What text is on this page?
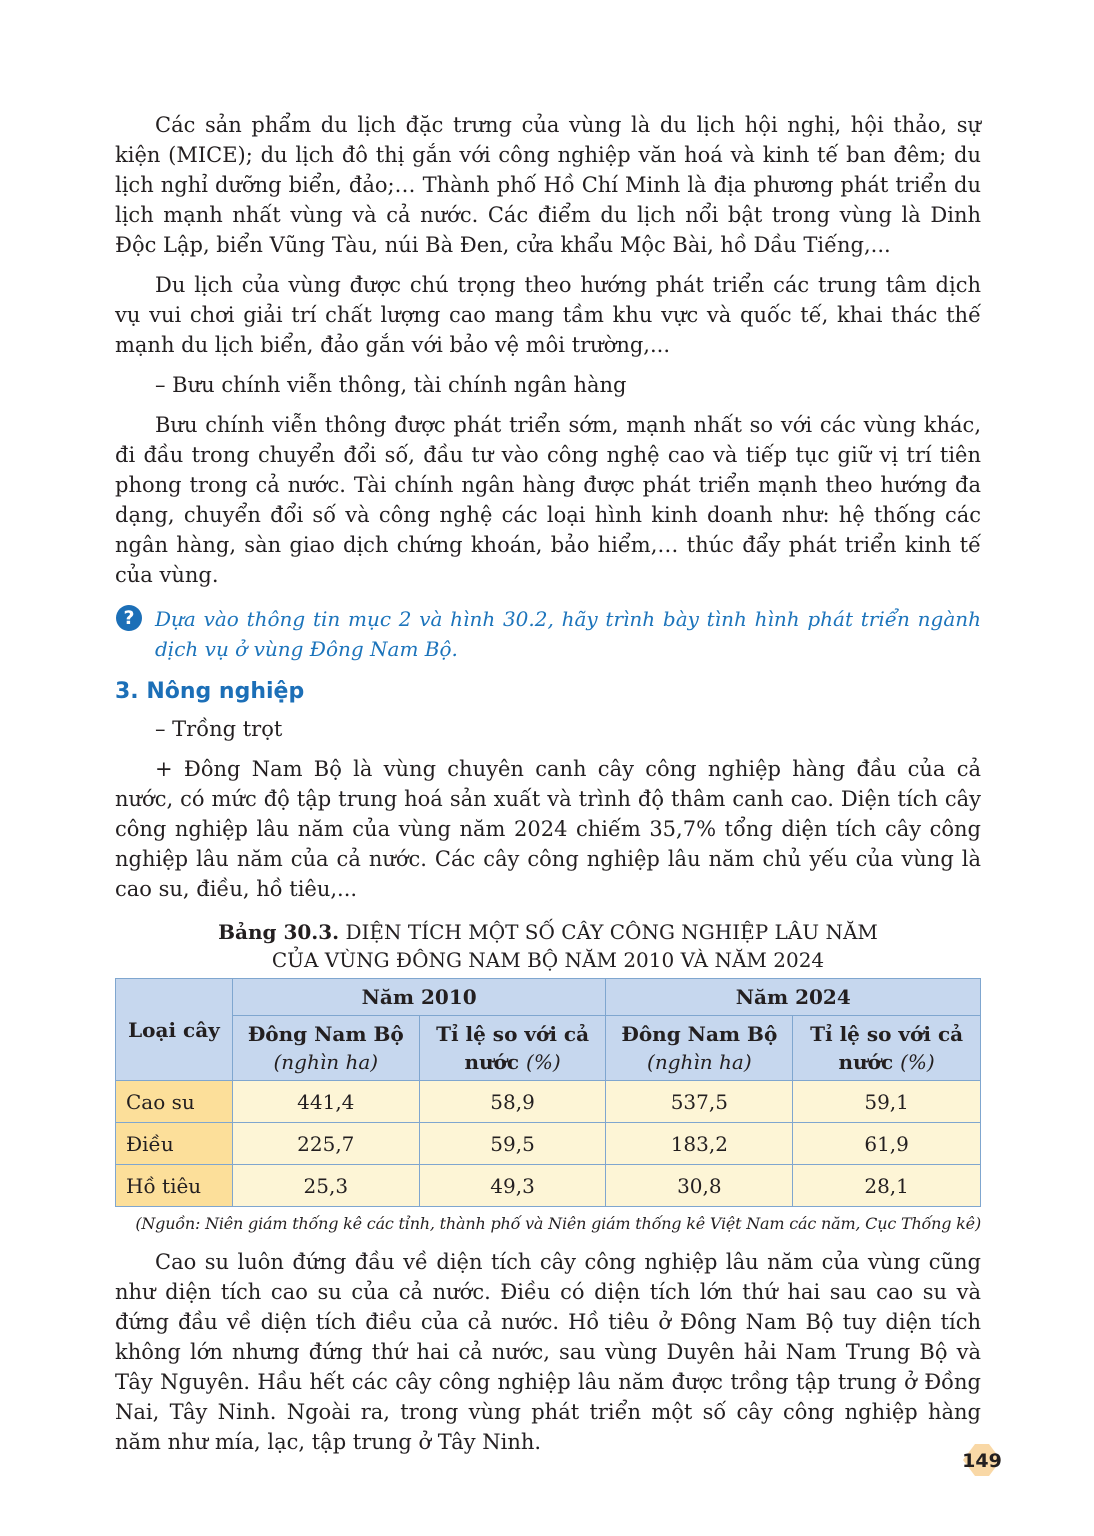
Các sản phẩm du lịch đặc trưng của vùng là du lịch hội nghị, hội thảo, sự kiện (MICE); du lịch đô thị gắn với công nghiệp văn hoá và kinh tế ban đêm; du lịch nghỉ dưỡng biển, đảo;… Thành phố Hồ Chí Minh là địa phương phát triển du lịch mạnh nhất vùng và cả nước. Các điểm du lịch nổi bật trong vùng là Dinh Độc Lập, biển Vũng Tàu, núi Bà Đen, cửa khẩu Mộc Bài, hồ Dầu Tiếng,...

Du lịch của vùng được chú trọng theo hướng phát triển các trung tâm dịch vụ vui chơi giải trí chất lượng cao mang tầm khu vực và quốc tế, khai thác thế mạnh du lịch biển, đảo gắn với bảo vệ môi trường,...

– Bưu chính viễn thông, tài chính ngân hàng

Bưu chính viễn thông được phát triển sớm, mạnh nhất so với các vùng khác, đi đầu trong chuyển đổi số, đầu tư vào công nghệ cao và tiếp tục giữ vị trí tiên phong trong cả nước. Tài chính ngân hàng được phát triển mạnh theo hướng đa dạng, chuyển đổi số và công nghệ các loại hình kinh doanh như: hệ thống các ngân hàng, sàn giao dịch chứng khoán, bảo hiểm,… thúc đẩy phát triển kinh tế của vùng.

? Dựa vào thông tin mục 2 và hình 30.2, hãy trình bày tình hình phát triển ngành dịch vụ ở vùng Đông Nam Bộ.

3. Nông nghiệp

– Trồng trọt

+ Đông Nam Bộ là vùng chuyên canh cây công nghiệp hàng đầu của cả nước, có mức độ tập trung hoá sản xuất và trình độ thâm canh cao. Diện tích cây công nghiệp lâu năm của vùng năm 2024 chiếm 35,7% tổng diện tích cây công nghiệp lâu năm của cả nước. Các cây công nghiệp lâu năm chủ yếu của vùng là cao su, điều, hồ tiêu,...

Bảng 30.3. DIỆN TÍCH MỘT SỐ CÂY CÔNG NGHIỆP LÂU NĂM
CỦA VÙNG ĐÔNG NAM BỘ NĂM 2010 VÀ NĂM 2024
Loại cây	Năm 2010		Năm 2024	
	Đông Nam Bộ
(nghìn ha)	Tỉ lệ so với cả nước (%)	Đông Nam Bộ
(nghìn ha)	Tỉ lệ so với cả nước (%)
Cao su	441,4	58,9	537,5	59,1
Điều	225,7	59,5	183,2	61,9
Hồ tiêu	25,3	49,3	30,8	28,1
(Nguồn: Niên giám thống kê các tỉnh, thành phố và Niên giám thống kê Việt Nam các năm, Cục Thống kê)

Cao su luôn đứng đầu về diện tích cây công nghiệp lâu năm của vùng cũng như diện tích cao su của cả nước. Điều có diện tích lớn thứ hai sau cao su và đứng đầu về diện tích điều của cả nước. Hồ tiêu ở Đông Nam Bộ tuy diện tích không lớn nhưng đứng thứ hai cả nước, sau vùng Duyên hải Nam Trung Bộ và Tây Nguyên. Hầu hết các cây công nghiệp lâu năm được trồng tập trung ở Đồng Nai, Tây Ninh. Ngoài ra, trong vùng phát triển một số cây công nghiệp hàng năm như mía, lạc, tập trung ở Tây Ninh.

149
